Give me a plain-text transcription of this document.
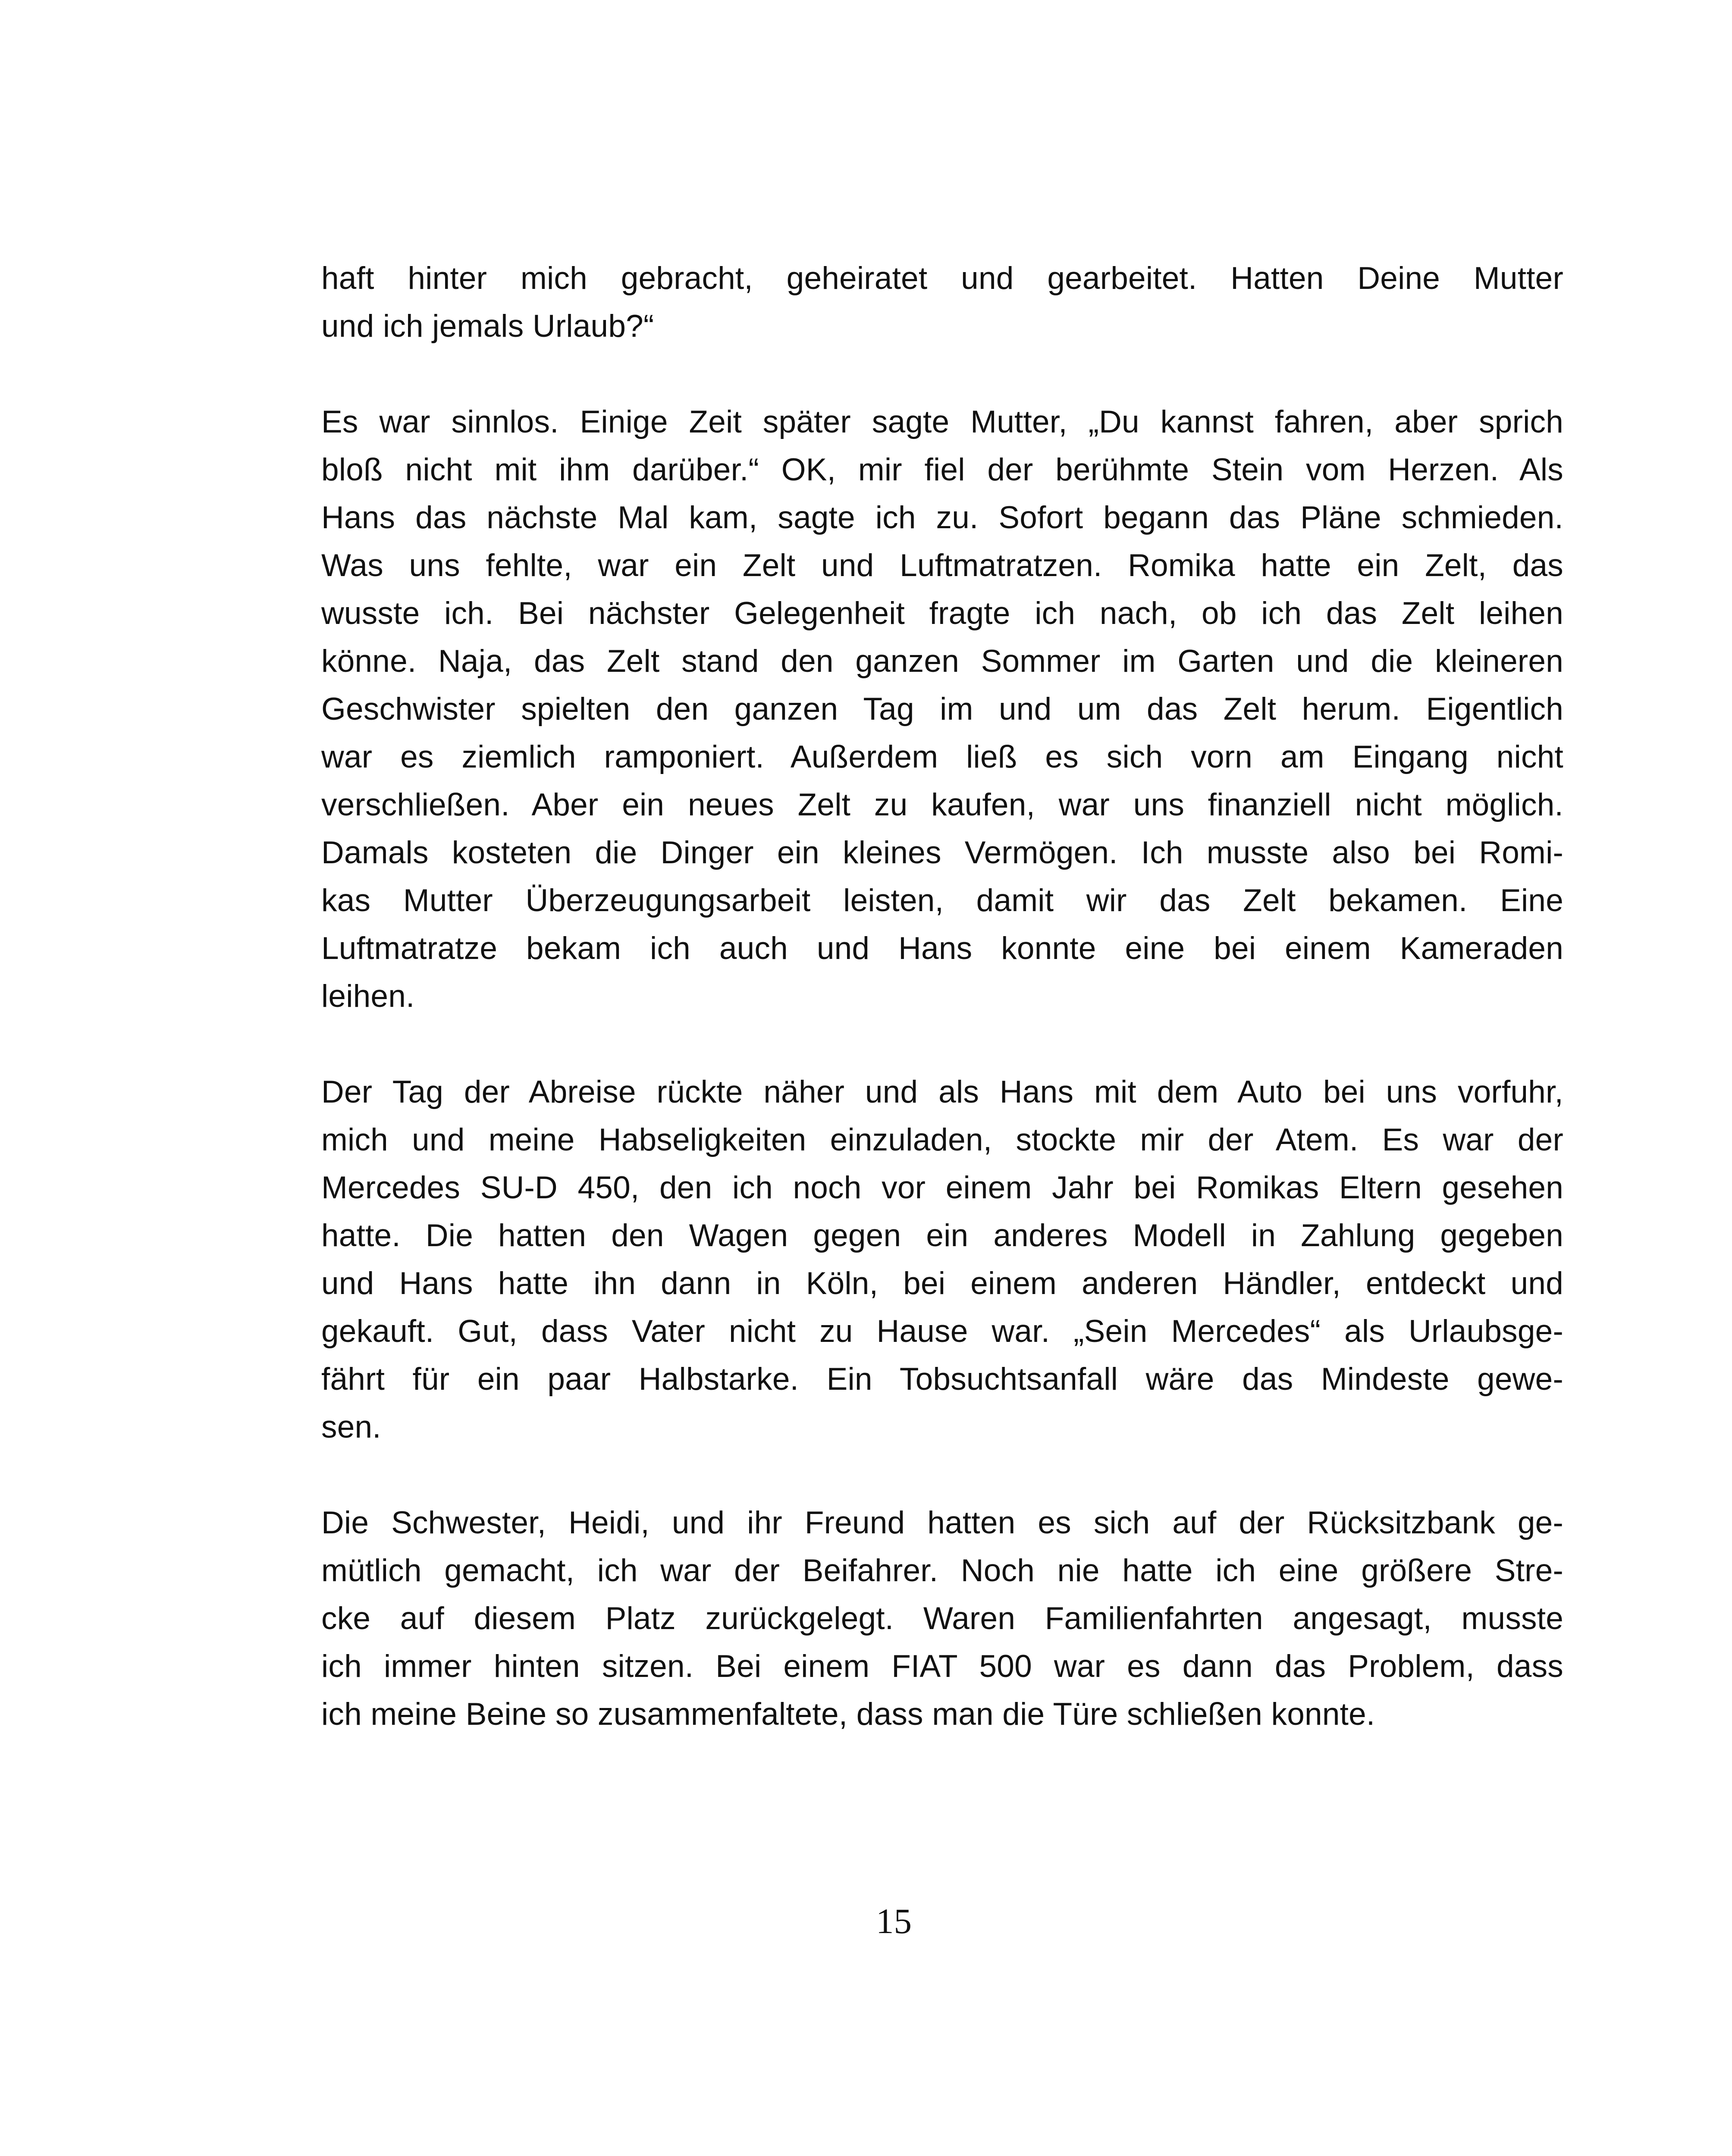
haft hinter mich gebracht, geheiratet und gearbeitet. Hatten Deine Mutter
und ich jemals Urlaub?“
Es war sinnlos. Einige Zeit später sagte Mutter, „Du kannst fahren, aber sprich
bloß nicht mit ihm darüber.“ OK, mir fiel der berühmte Stein vom Herzen. Als
Hans das nächste Mal kam, sagte ich zu. Sofort begann das Pläne schmieden.
Was uns fehlte, war ein Zelt und Luftmatratzen. Romika hatte ein Zelt, das
wusste ich. Bei nächster Gelegenheit fragte ich nach, ob ich das Zelt leihen
könne. Naja, das Zelt stand den ganzen Sommer im Garten und die kleineren
Geschwister spielten den ganzen Tag im und um das Zelt herum. Eigentlich
war es ziemlich ramponiert. Außerdem ließ es sich vorn am Eingang nicht
verschließen. Aber ein neues Zelt zu kaufen, war uns finanziell nicht möglich.
Damals kosteten die Dinger ein kleines Vermögen. Ich musste also bei Romi-
kas Mutter Überzeugungsarbeit leisten, damit wir das Zelt bekamen. Eine
Luftmatratze bekam ich auch und Hans konnte eine bei einem Kameraden
leihen.
Der Tag der Abreise rückte näher und als Hans mit dem Auto bei uns vorfuhr,
mich und meine Habseligkeiten einzuladen, stockte mir der Atem. Es war der
Mercedes SU-D 450, den ich noch vor einem Jahr bei Romikas Eltern gesehen
hatte. Die hatten den Wagen gegen ein anderes Modell in Zahlung gegeben
und Hans hatte ihn dann in Köln, bei einem anderen Händler, entdeckt und
gekauft. Gut, dass Vater nicht zu Hause war. „Sein Mercedes“ als Urlaubsge-
fährt für ein paar Halbstarke. Ein Tobsuchtsanfall wäre das Mindeste gewe-
sen.
Die Schwester, Heidi, und ihr Freund hatten es sich auf der Rücksitzbank ge-
mütlich gemacht, ich war der Beifahrer. Noch nie hatte ich eine größere Stre-
cke auf diesem Platz zurückgelegt. Waren Familienfahrten angesagt, musste
ich immer hinten sitzen. Bei einem FIAT 500 war es dann das Problem, dass
ich meine Beine so zusammenfaltete, dass man die Türe schließen konnte.
15
